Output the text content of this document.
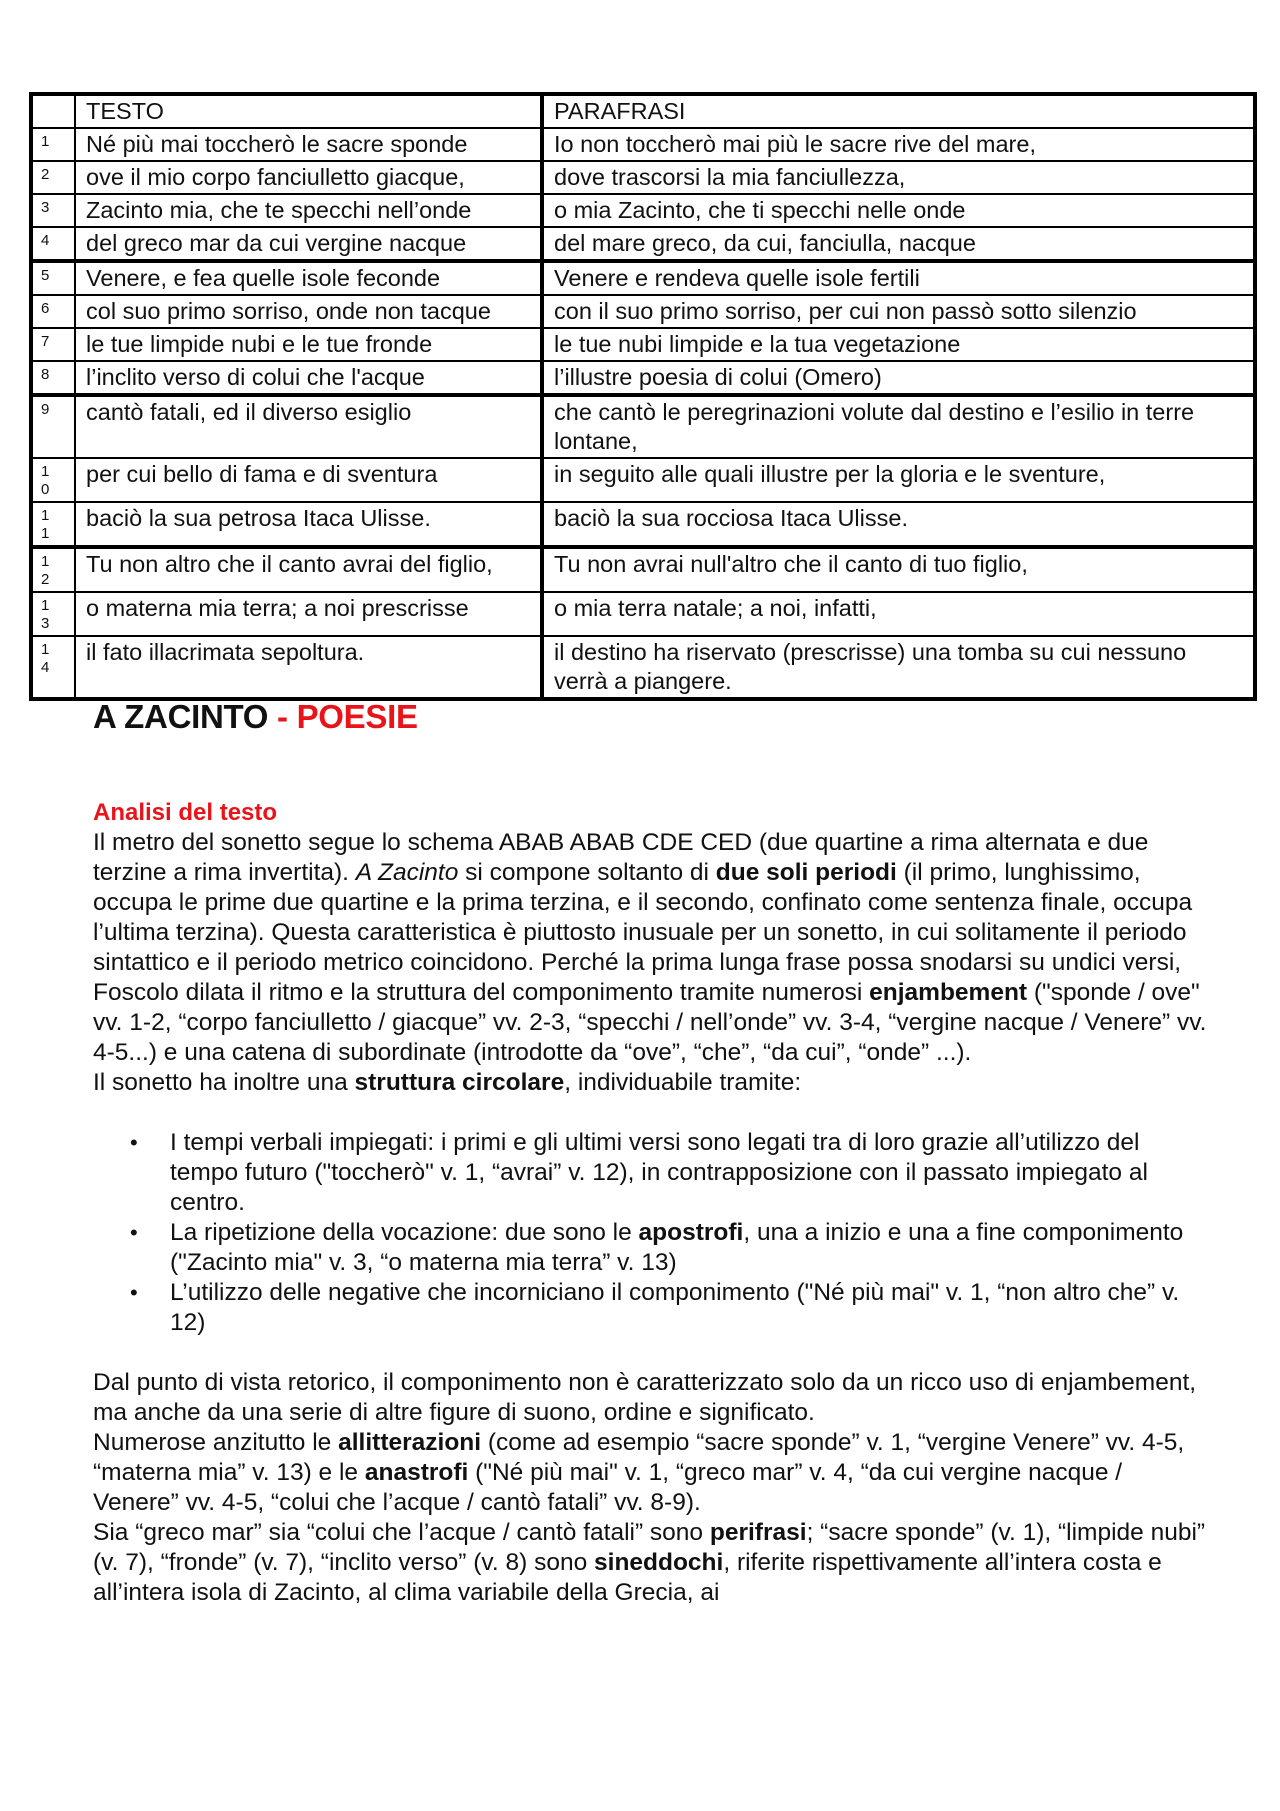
	TESTO	PARAFRASI

1	Né più mai toccherò le sacre sponde	Io non toccherò mai più le sacre rive del mare,

2	ove il mio corpo fanciulletto giacque,	dove trascorsi la mia fanciullezza,

3	Zacinto mia, che te specchi nell’onde	o mia Zacinto, che ti specchi nelle onde

4	del greco mar da cui vergine nacque	del mare greco, da cui, fanciulla, nacque

5	Venere, e fea quelle isole feconde	Venere e rendeva quelle isole fertili

6	col suo primo sorriso, onde non tacque	con il suo primo sorriso, per cui non passò sotto silenzio

7	le tue limpide nubi e le tue fronde	le tue nubi limpide e la tua vegetazione

8	l’inclito verso di colui che l'acque	l’illustre poesia di colui (Omero)

9	cantò fatali, ed il diverso esiglio	che cantò le peregrinazioni volute dal destino e l’esilio in terre lontane,

10	per cui bello di fama e di sventura	in seguito alle quali illustre per la gloria e le sventure,

11	baciò la sua petrosa Itaca Ulisse.	baciò la sua rocciosa Itaca Ulisse.

12	Tu non altro che il canto avrai del figlio,	Tu non avrai null'altro che il canto di tuo figlio,

13	o materna mia terra; a noi prescrisse	o mia terra natale; a noi, infatti,

14	il fato illacrimata sepoltura.	il destino ha riservato (prescrisse) una tomba su cui nessuno verrà a piangere.
A ZACINTO - POESIE
Analisi del testo

Il metro del sonetto segue lo schema ABAB ABAB CDE CED (due quartine a rima alternata e due terzine a rima invertita). A Zacinto si compone soltanto di due soli periodi (il primo, lunghissimo, occupa le prime due quartine e la prima terzina, e il secondo, confinato come sentenza finale, occupa l’ultima terzina). Questa caratteristica è piuttosto inusuale per un sonetto, in cui solitamente il periodo sintattico e il periodo metrico coincidono. Perché la prima lunga frase possa snodarsi su undici versi, Foscolo dilata il ritmo e la struttura del componimento tramite numerosi enjambement ("sponde / ove" vv. 1-2, “corpo fanciulletto / giacque” vv. 2-3, “specchi / nell’onde” vv. 3-4, “vergine nacque / Venere” vv. 4-5...) e una catena di subordinate (introdotte da “ove”, “che”, “da cui”, “onde” ...).

Il sonetto ha inoltre una struttura circolare, individuabile tramite:

• I tempi verbali impiegati: i primi e gli ultimi versi sono legati tra di loro grazie all’utilizzo del tempo futuro ("toccherò" v. 1, “avrai” v. 12), in contrapposizione con il passato impiegato al centro.
• La ripetizione della vocazione: due sono le apostrofi, una a inizio e una a fine componimento ("Zacinto mia" v. 3, “o materna mia terra” v. 13)
• L’utilizzo delle negative che incorniciano il componimento ("Né più mai" v. 1, “non altro che” v. 12)

Dal punto di vista retorico, il componimento non è caratterizzato solo da un ricco uso di enjambement, ma anche da una serie di altre figure di suono, ordine e significato.

Numerose anzitutto le allitterazioni (come ad esempio “sacre sponde” v. 1, “vergine Venere” vv. 4-5, “materna mia” v. 13) e le anastrofi ("Né più mai" v. 1, “greco mar” v. 4, “da cui vergine nacque / Venere” vv. 4-5, “colui che l’acque / cantò fatali” vv. 8-9).

Sia “greco mar” sia “colui che l’acque / cantò fatali” sono perifrasi; “sacre sponde” (v. 1), “limpide nubi” (v. 7), “fronde” (v. 7), “inclito verso” (v. 8) sono sineddochi, riferite rispettivamente all’intera costa e all’intera isola di Zacinto, al clima variabile della Grecia, ai
